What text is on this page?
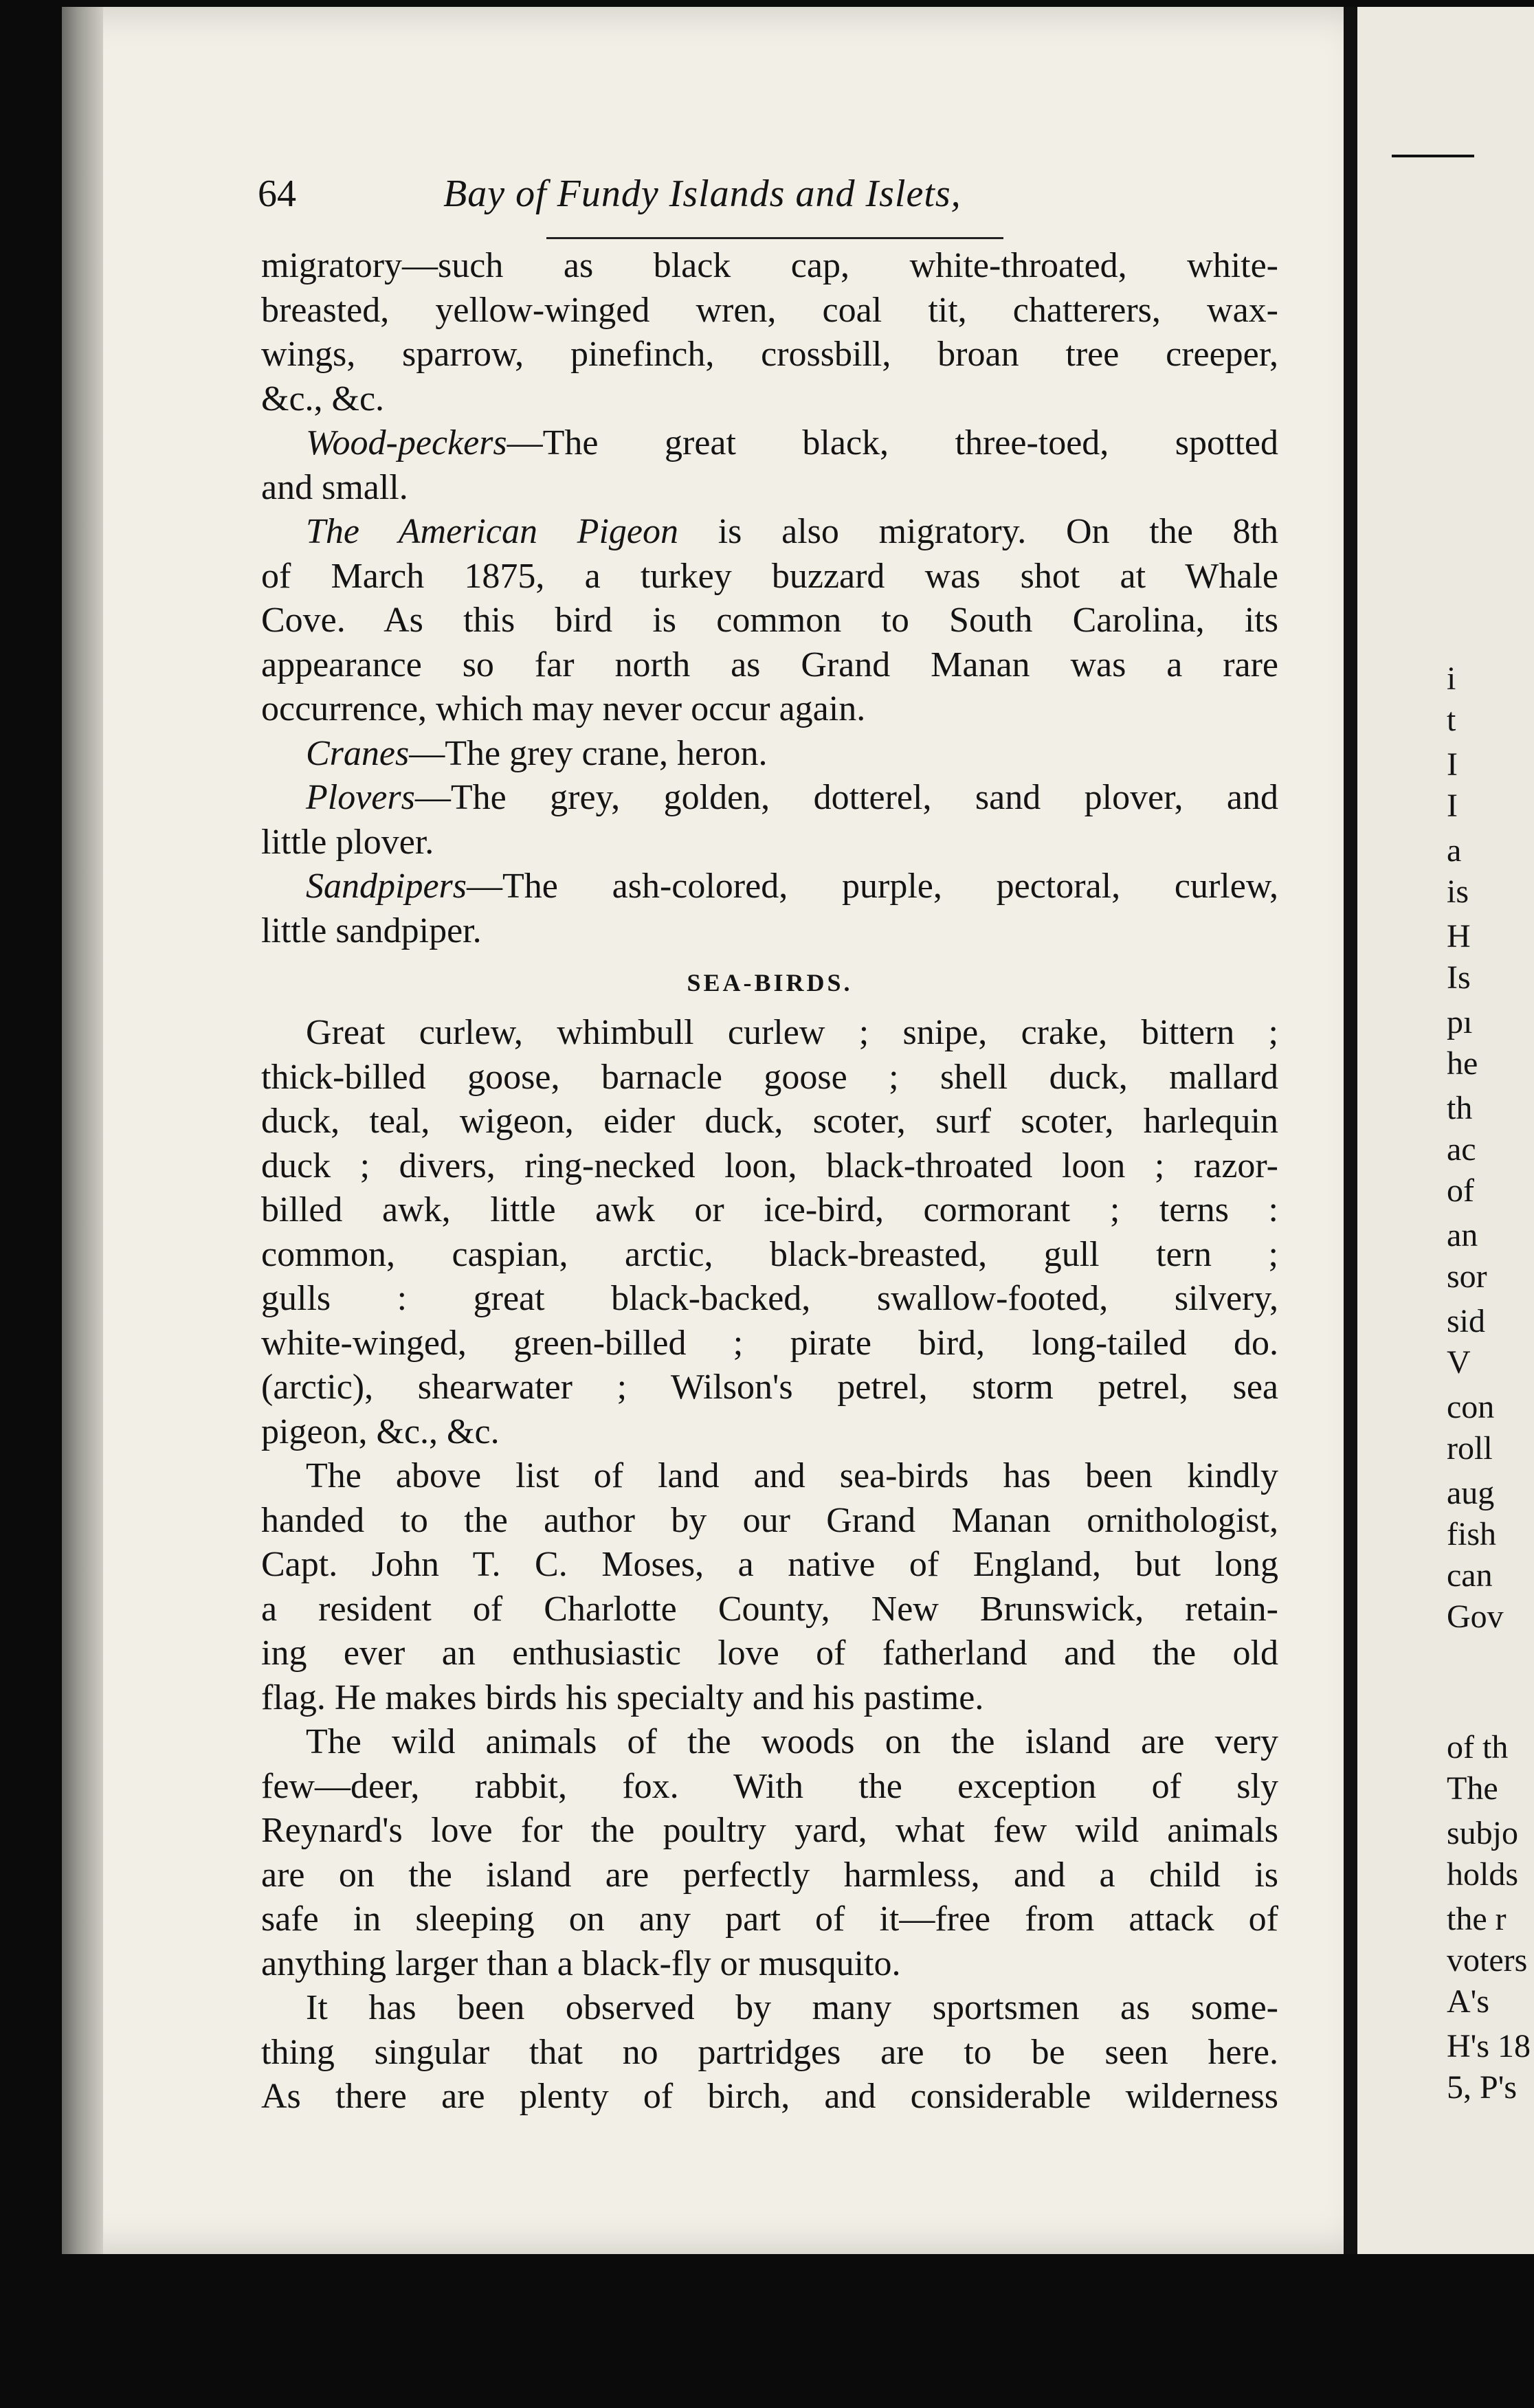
64	Bay of Fundy Islands and Islets,
migratory—such as black cap, white-throated, white-
breasted, yellow-winged wren, coal tit, chatterers, wax-
wings, sparrow, pinefinch, crossbill, broan tree creeper,
&c., &c.
Wood-peckers—The great black, three-toed, spotted
and small.
The American Pigeon is also migratory. On the 8th
of March 1875, a turkey buzzard was shot at Whale
Cove. As this bird is common to South Carolina, its
appearance so far north as Grand Manan was a rare
occurrence, which may never occur again.
Cranes—The grey crane, heron.
Plovers—The grey, golden, dotterel, sand plover, and
little plover.
Sandpipers—The ash-colored, purple, pectoral, curlew,
little sandpiper.
SEA-BIRDS.
Great curlew, whimbull curlew ; snipe, crake, bittern ;
thick-billed goose, barnacle goose ; shell duck, mallard
duck, teal, wigeon, eider duck, scoter, surf scoter, harlequin
duck ; divers, ring-necked loon, black-throated loon ; razor-
billed awk, little awk or ice-bird, cormorant ; terns :
common, caspian, arctic, black-breasted, gull tern ;
gulls : great black-backed, swallow-footed, silvery,
white-winged, green-billed ; pirate bird, long-tailed do.
(arctic), shearwater ; Wilson's petrel, storm petrel, sea
pigeon, &c., &c.
The above list of land and sea-birds has been kindly
handed to the author by our Grand Manan ornithologist,
Capt. John T. C. Moses, a native of England, but long
a resident of Charlotte County, New Brunswick, retain-
ing ever an enthusiastic love of fatherland and the old
flag. He makes birds his specialty and his pastime.
The wild animals of the woods on the island are very
few—deer, rabbit, fox. With the exception of sly
Reynard's love for the poultry yard, what few wild animals
are on the island are perfectly harmless, and a child is
safe in sleeping on any part of it—free from attack of
anything larger than a black-fly or musquito.
It has been observed by many sportsmen as some-
thing singular that no partridges are to be seen here.
As there are plenty of birch, and considerable wilderness
i
t
I
I
a
is
H
Is
pı
he
th
ac
of
an
sor
sid
V
con
roll
aug
fish
can
Gov
of th
The
subjo
holds
the r
voters
A's
H's 18
5, P's
